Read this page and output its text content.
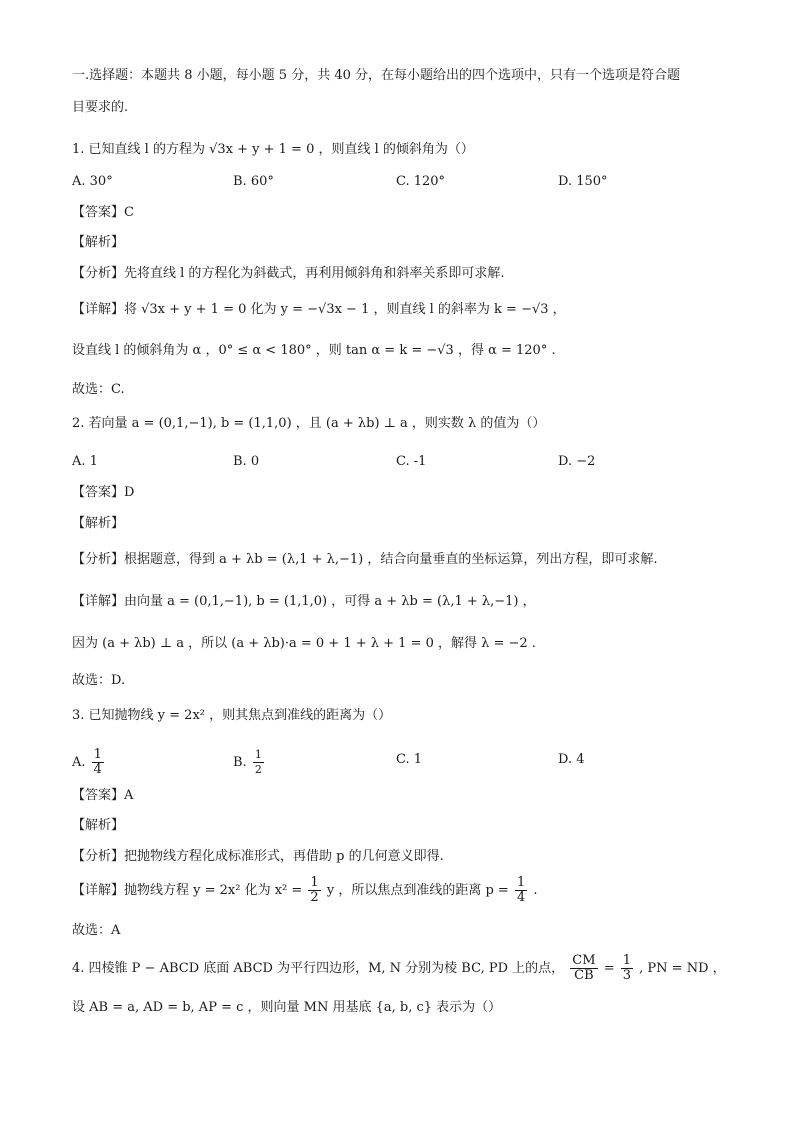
一.选择题：本题共 8 小题，每小题 5 分，共 40 分，在每小题给出的四个选项中，只有一个选项是符合题
目要求的.
1. 已知直线 l 的方程为 √3x + y + 1 = 0 ，则直线 l 的倾斜角为（）
A. 30°	B. 60°	C. 120°	D. 150°
【答案】C
【解析】
【分析】先将直线 l 的方程化为斜截式，再利用倾斜角和斜率关系即可求解.
【详解】将 √3x + y + 1 = 0 化为 y = −√3x − 1 ，则直线 l 的斜率为 k = −√3 ，
设直线 l 的倾斜角为 α ，0° ≤ α < 180° ，则 tan α = k = −√3 ，得 α = 120° .
故选：C.
2. 若向量 a = (0,1,−1), b = (1,1,0) ，且 (a + λb) ⊥ a ，则实数 λ 的值为（）
A. 1	B. 0	C. -1	D. −2
【答案】D
【解析】
【分析】根据题意，得到 a + λb = (λ,1 + λ,−1) ，结合向量垂直的坐标运算，列出方程，即可求解.
【详解】由向量 a = (0,1,−1), b = (1,1,0) ，可得 a + λb = (λ,1 + λ,−1) ，
因为 (a + λb) ⊥ a ，所以 (a + λb)·a = 0 + 1 + λ + 1 = 0 ，解得 λ = −2 .
故选：D.
3. 已知抛物线 y = 2x² ，则其焦点到准线的距离为（）
A. $\frac{1}{4}$	B. $\frac{1}{2}$	C. 1	D. 4
【答案】A
【解析】
【分析】把抛物线方程化成标准形式，再借助 p 的几何意义即得.
【详解】抛物线方程 y = 2x² 化为 $x^2 = \frac{1}{2}$ y ，所以焦点到准线的距离 $p = \frac{1}{4}$ .
故选：A
4. 四棱锥 P − ABCD 底面 ABCD 为平行四边形，M, N 分别为棱 BC, PD 上的点， $\frac{CM}{CB} = \frac{1}{3}$ , PN = ND ，
设 AB = a, AD = b, AP = c ，则向量 MN 用基底 {a, b, c} 表示为（）
